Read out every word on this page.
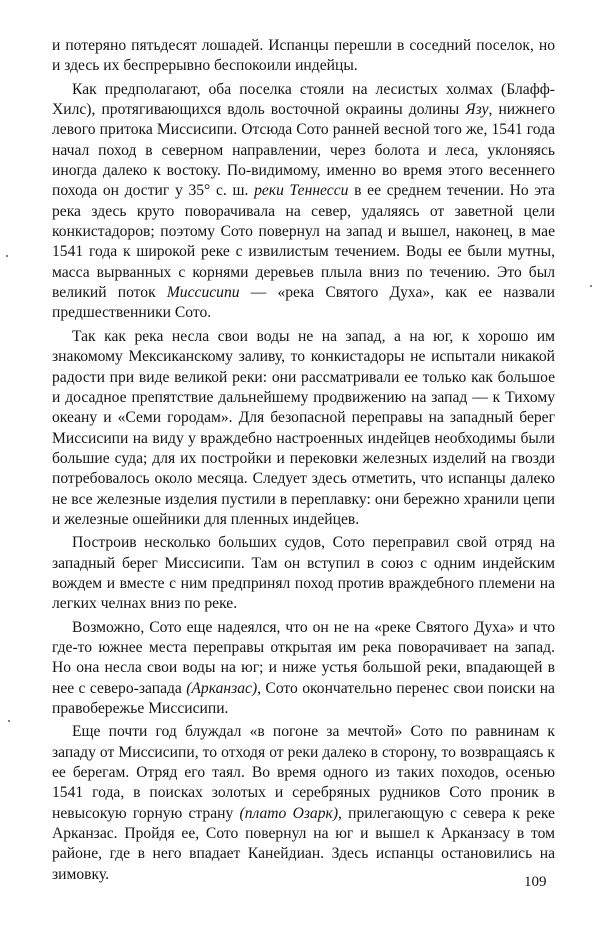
и потеряно пятьдесят лошадей. Испанцы перешли в соседний поселок, но и здесь их беспрерывно беспокоили индейцы.

Как предполагают, оба поселка стояли на лесистых холмах (Блафф-Хилс), протягивающихся вдоль восточной окраины долины Язу, нижнего левого притока Миссисипи. Отсюда Сото ранней весной того же, 1541 года начал поход в северном направлении, через болота и леса, уклоняясь иногда далеко к востоку. По-видимому, именно во время этого весеннего похода он достиг у 35° с. ш. реки Теннесси в ее среднем течении. Но эта река здесь круто поворачивала на север, удаляясь от заветной цели конкистадоров; поэтому Сото повернул на запад и вышел, наконец, в мае 1541 года к широкой реке с извилистым течением. Воды ее были мутны, масса вырванных с корнями деревьев плыла вниз по течению. Это был великий поток Миссисипи — «река Святого Духа», как ее назвали предшественники Сото.

Так как река несла свои воды не на запад, а на юг, к хорошо им знакомому Мексиканскому заливу, то конкистадоры не испытали никакой радости при виде великой реки: они рассматривали ее только как большое и досадное препятствие дальнейшему продвижению на запад — к Тихому океану и «Семи городам». Для безопасной переправы на западный берег Миссисипи на виду у враждебно настроенных индейцев необходимы были большие суда; для их постройки и перековки железных изделий на гвозди потребовалось около месяца. Следует здесь отметить, что испанцы далеко не все железные изделия пустили в переплавку: они бережно хранили цепи и железные ошейники для пленных индейцев.

Построив несколько больших судов, Сото переправил свой отряд на западный берег Миссисипи. Там он вступил в союз с одним индейским вождем и вместе с ним предпринял поход против враждебного племени на легких челнах вниз по реке.

Возможно, Сото еще надеялся, что он не на «реке Святого Духа» и что где-то южнее места переправы открытая им река поворачивает на запад. Но она несла свои воды на юг; и ниже устья большой реки, впадающей в нее с северо-запада (Арканзас), Сото окончательно перенес свои поиски на правобережье Миссисипи.

Еще почти год блуждал «в погоне за мечтой» Сото по равнинам к западу от Миссисипи, то отходя от реки далеко в сторону, то возвращаясь к ее берегам. Отряд его таял. Во время одного из таких походов, осенью 1541 года, в поисках золотых и серебряных рудников Сото проник в невысокую горную страну (плато Озарк), прилегающую с севера к реке Арканзас. Пройдя ее, Сото повернул на юг и вышел к Арканзасу в том районе, где в него впадает Канейдиан. Здесь испанцы остановились на зимовку.	109
